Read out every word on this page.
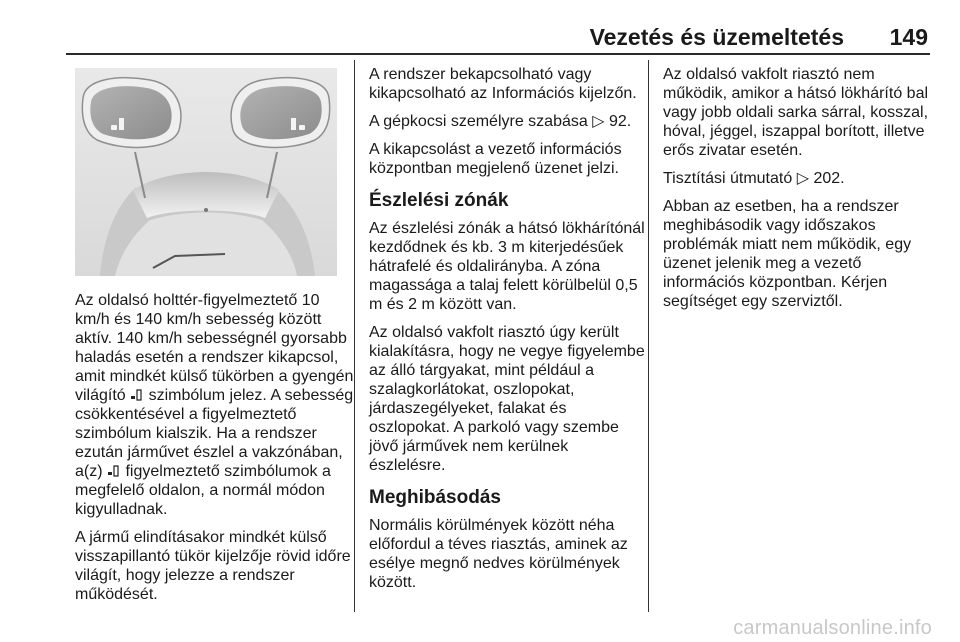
Vezetés és üzemeltetés 149

Az oldalsó holttér-figyelmeztető 10 km/h és 140 km/h sebesség között aktív. 140 km/h sebességnél gyorsabb haladás esetén a rendszer kikapcsol, amit mindkét külső tükörben a gyengén világító szimbólum jelez. A sebesség csökkentésével a figyelmeztető szimbólum kialszik. Ha a rendszer ezután járművet észlel a vakzónában, a(z) figyelmeztető szimbólumok a megfelelő oldalon, a normál módon kigyulladnak.

A jármű elindításakor mindkét külső visszapillantó tükör kijelzője rövid időre világít, hogy jelezze a rendszer működését.

A rendszer bekapcsolható vagy kikapcsolható az Információs kijelzőn.

A gépkocsi személyre szabása ▷ 92.

A kikapcsolást a vezető információs központban megjelenő üzenet jelzi.

Észlelési zónák

Az észlelési zónák a hátsó lökhárítónál kezdődnek és kb. 3 m kiterjedésűek hátrafelé és oldalirányba. A zóna magassága a talaj felett körülbelül 0,5 m és 2 m között van.

Az oldalsó vakfolt riasztó úgy került kialakításra, hogy ne vegye figyelembe az álló tárgyakat, mint például a szalagkorlátokat, oszlopokat, járdaszegélyeket, falakat és oszlopokat. A parkoló vagy szembe jövő járművek nem kerülnek észlelésre.

Meghibásodás

Normális körülmények között néha előfordul a téves riasztás, aminek az esélye megnő nedves körülmények között.

Az oldalsó vakfolt riasztó nem működik, amikor a hátsó lökhárító bal vagy jobb oldali sarka sárral, kosszal, hóval, jéggel, iszappal borított, illetve erős zivatar esetén.

Tisztítási útmutató ▷ 202.

Abban az esetben, ha a rendszer meghibásodik vagy időszakos problémák miatt nem működik, egy üzenet jelenik meg a vezető információs központban. Kérjen segítséget egy szerviztől.

carmanualsonline.info
